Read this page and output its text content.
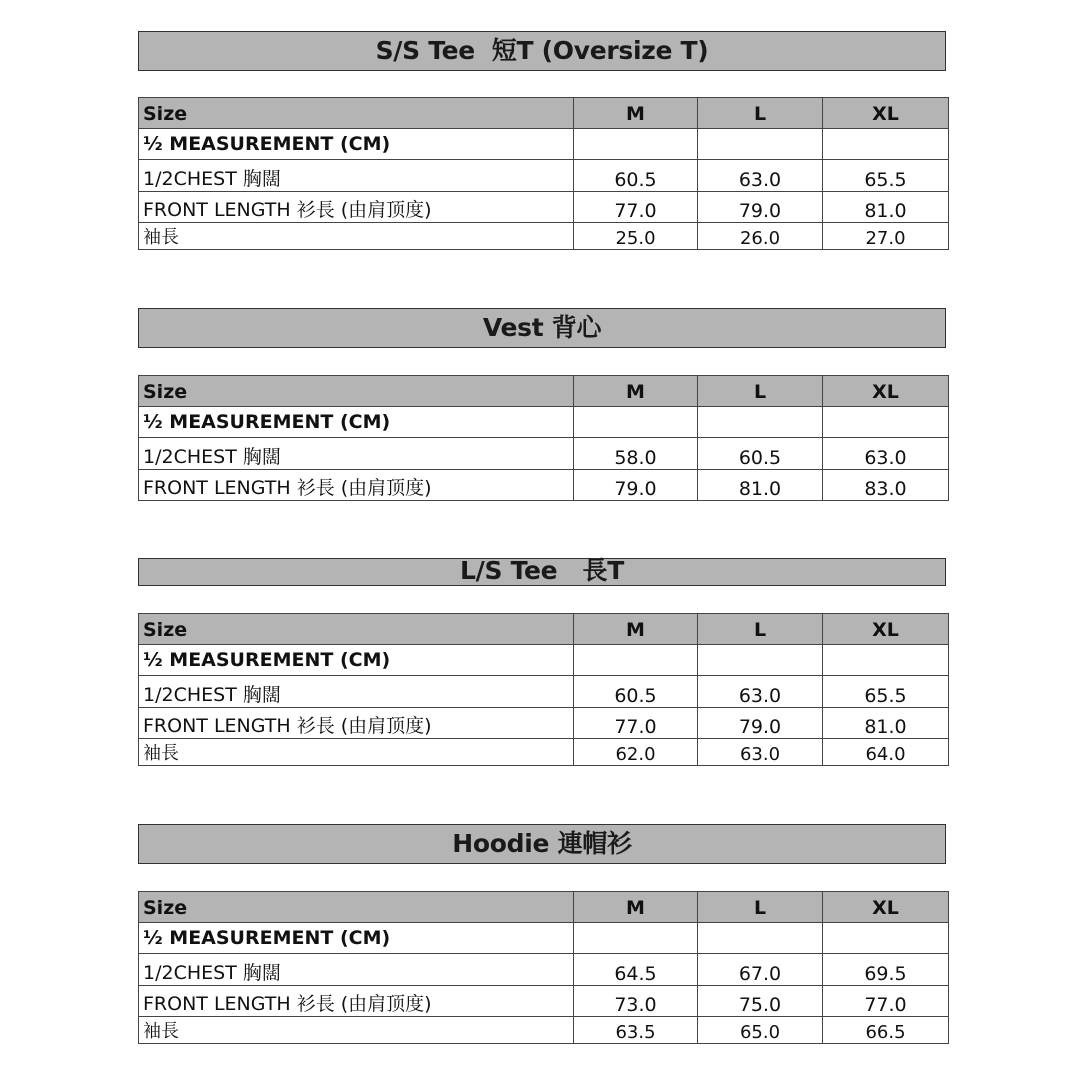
S/S Tee  短T (Oversize T)
Size	M	L	XL
½ MEASUREMENT (CM)			
1/2CHEST 胸闊	60.5	63.0	65.5
FRONT LENGTH 衫長 (由肩顶度)	77.0	79.0	81.0
袖長	25.0	26.0	27.0
Vest 背心
Size	M	L	XL
½ MEASUREMENT (CM)			
1/2CHEST 胸闊	58.0	60.5	63.0
FRONT LENGTH 衫長 (由肩顶度)	79.0	81.0	83.0
L/S Tee   長T
Size	M	L	XL
½ MEASUREMENT (CM)			
1/2CHEST 胸闊	60.5	63.0	65.5
FRONT LENGTH 衫長 (由肩顶度)	77.0	79.0	81.0
袖長	62.0	63.0	64.0
Hoodie 連帽衫
Size	M	L	XL
½ MEASUREMENT (CM)			
1/2CHEST 胸闊	64.5	67.0	69.5
FRONT LENGTH 衫長 (由肩顶度)	73.0	75.0	77.0
袖長	63.5	65.0	66.5
